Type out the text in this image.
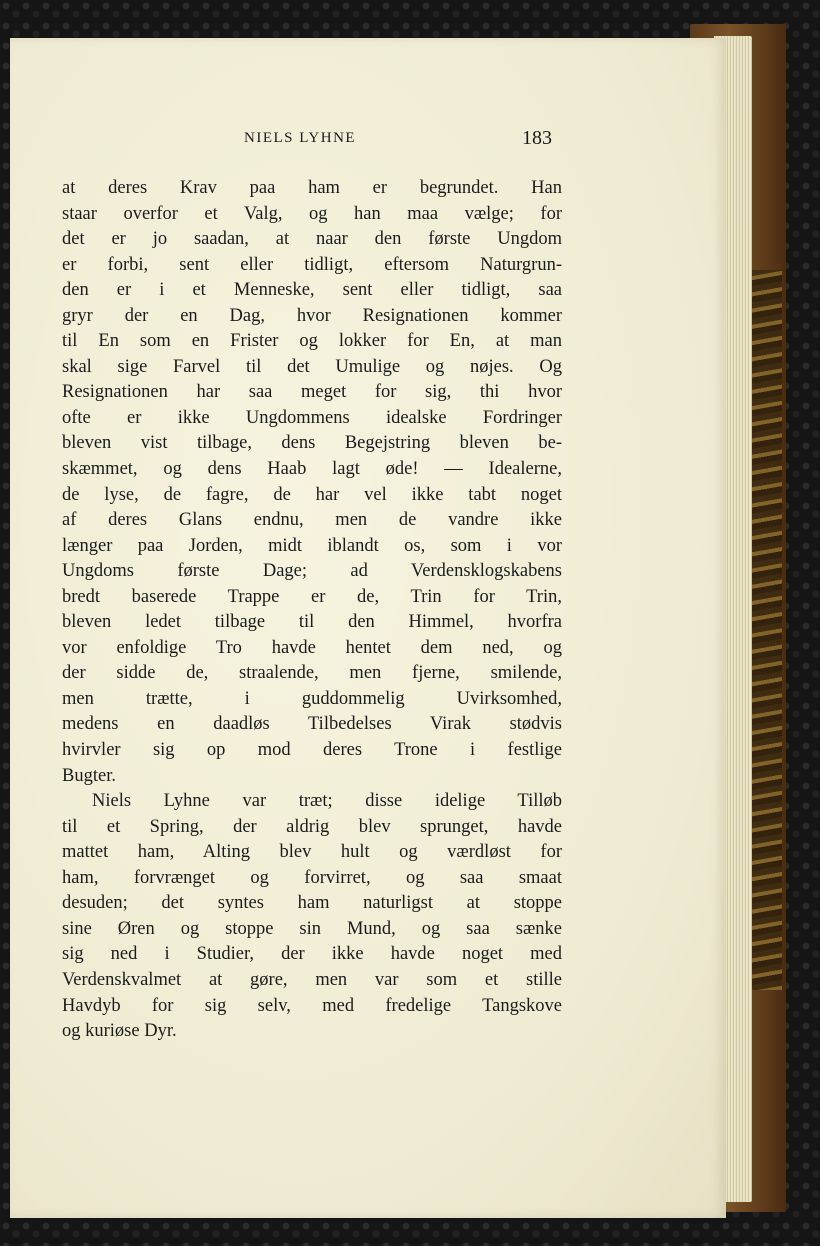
NIELS LYHNE	183
at deres Krav paa ham er begrundet. Han
staar overfor et Valg, og han maa vælge; for
det er jo saadan, at naar den første Ungdom
er forbi, sent eller tidligt, eftersom Naturgrun-
den er i et Menneske, sent eller tidligt, saa
gryr der en Dag, hvor Resignationen kommer
til En som en Frister og lokker for En, at man
skal sige Farvel til det Umulige og nøjes. Og
Resignationen har saa meget for sig, thi hvor
ofte er ikke Ungdommens idealske Fordringer
bleven vist tilbage, dens Begejstring bleven be-
skæmmet, og dens Haab lagt øde! — Idealerne,
de lyse, de fagre, de har vel ikke tabt noget
af deres Glans endnu, men de vandre ikke
længer paa Jorden, midt iblandt os, som i vor
Ungdoms første Dage; ad Verdensklogskabens
bredt baserede Trappe er de, Trin for Trin,
bleven ledet tilbage til den Himmel, hvorfra
vor enfoldige Tro havde hentet dem ned, og
der sidde de, straalende, men fjerne, smilende,
men trætte, i guddommelig Uvirksomhed,
medens en daadløs Tilbedelses Virak stødvis
hvirvler sig op mod deres Trone i festlige
Bugter.
Niels Lyhne var træt; disse idelige Tilløb
til et Spring, der aldrig blev sprunget, havde
mattet ham, Alting blev hult og værdløst for
ham, forvrænget og forvirret, og saa smaat
desuden; det syntes ham naturligst at stoppe
sine Øren og stoppe sin Mund, og saa sænke
sig ned i Studier, der ikke havde noget med
Verdenskvalmet at gøre, men var som et stille
Havdyb for sig selv, med fredelige Tangskove
og kuriøse Dyr.
